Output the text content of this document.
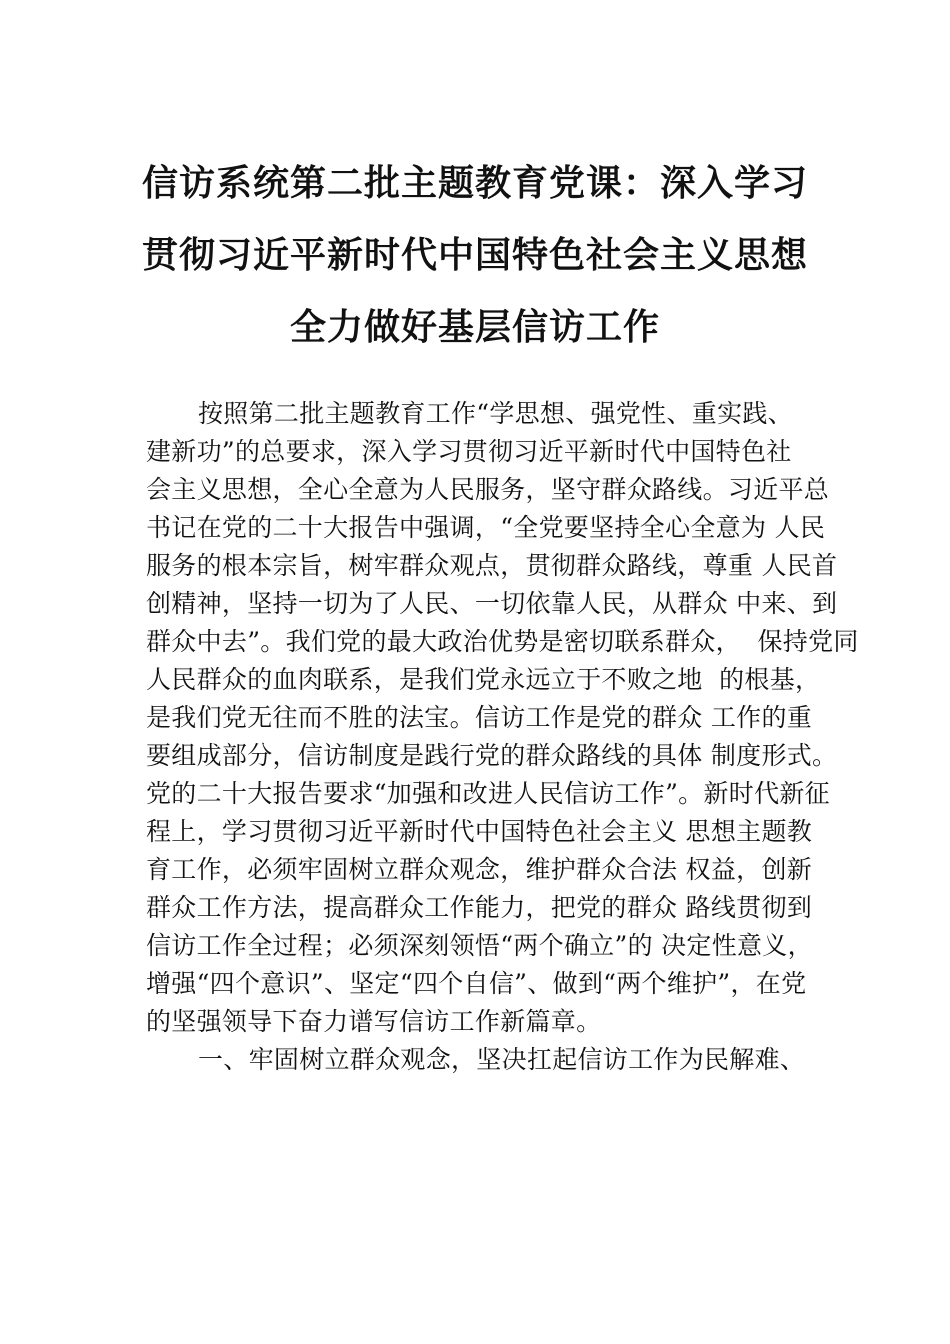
信访系统第二批主题教育党课：深入学习
贯彻习近平新时代中国特色社会主义思想
全力做好基层信访工作
按照第二批主题教育工作“学思想、强党性、重实践、
建新功”的总要求，深入学习贯彻习近平新时代中国特色社
会主义思想，全心全意为人民服务，坚守群众路线。习近平总
书记在党的二十大报告中强调，“全党要坚持全心全意为 人民
服务的根本宗旨，树牢群众观点，贯彻群众路线，尊重 人民首
创精神，坚持一切为了人民、一切依靠人民，从群众 中来、到
群众中去”。我们党的最大政治优势是密切联系群众，  保持党同
人民群众的血肉联系，是我们党永远立于不败之地  的根基，
是我们党无往而不胜的法宝。信访工作是党的群众 工作的重
要组成部分，信访制度是践行党的群众路线的具体 制度形式。
党的二十大报告要求“加强和改进人民信访工作”。新时代新征
程上，学习贯彻习近平新时代中国特色社会主义 思想主题教
育工作，必须牢固树立群众观念，维护群众合法 权益，创新
群众工作方法，提高群众工作能力，把党的群众 路线贯彻到
信访工作全过程；必须深刻领悟“两个确立”的 决定性意义，
增强“四个意识”、坚定“四个自信”、做到“两个维护”，在党
的坚强领导下奋力谱写信访工作新篇章。
一、牢固树立群众观念，坚决扛起信访工作为民解难、
